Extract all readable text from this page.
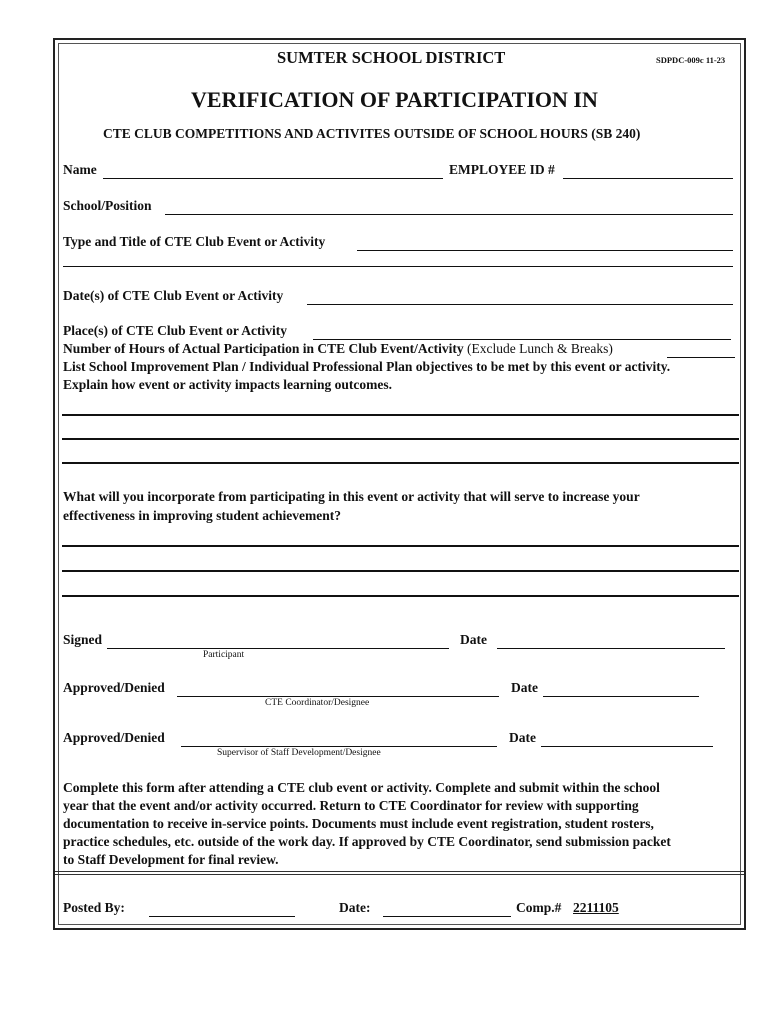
SUMTER SCHOOL DISTRICT	SDPDC-009c 11-23
VERIFICATION OF PARTICIPATION IN
CTE CLUB COMPETITIONS AND ACTIVITES OUTSIDE OF SCHOOL HOURS (SB 240)
Name	EMPLOYEE ID #
School/Position
Type and Title of CTE Club Event or Activity
Date(s) of CTE Club Event or Activity
Place(s) of CTE Club Event or Activity
Number of Hours of Actual Participation in CTE Club Event/Activity (Exclude Lunch & Breaks)
List School Improvement Plan / Individual Professional Plan objectives to be met by this event or activity.
Explain how event or activity impacts learning outcomes.
What will you incorporate from participating in this event or activity that will serve to increase your
effectiveness in improving student achievement?
Signed
Participant
Date
Approved/Denied
CTE Coordinator/Designee
Date
Approved/Denied
Supervisor of Staff Development/Designee
Date
Complete this form after attending a CTE club event or activity. Complete and submit within the school
year that the event and/or activity occurred. Return to CTE Coordinator for review with supporting
documentation to receive in-service points. Documents must include event registration, student rosters,
practice schedules, etc. outside of the work day. If approved by CTE Coordinator, send submission packet
to Staff Development for final review.
Posted By:	Date:	Comp.# 2211105
